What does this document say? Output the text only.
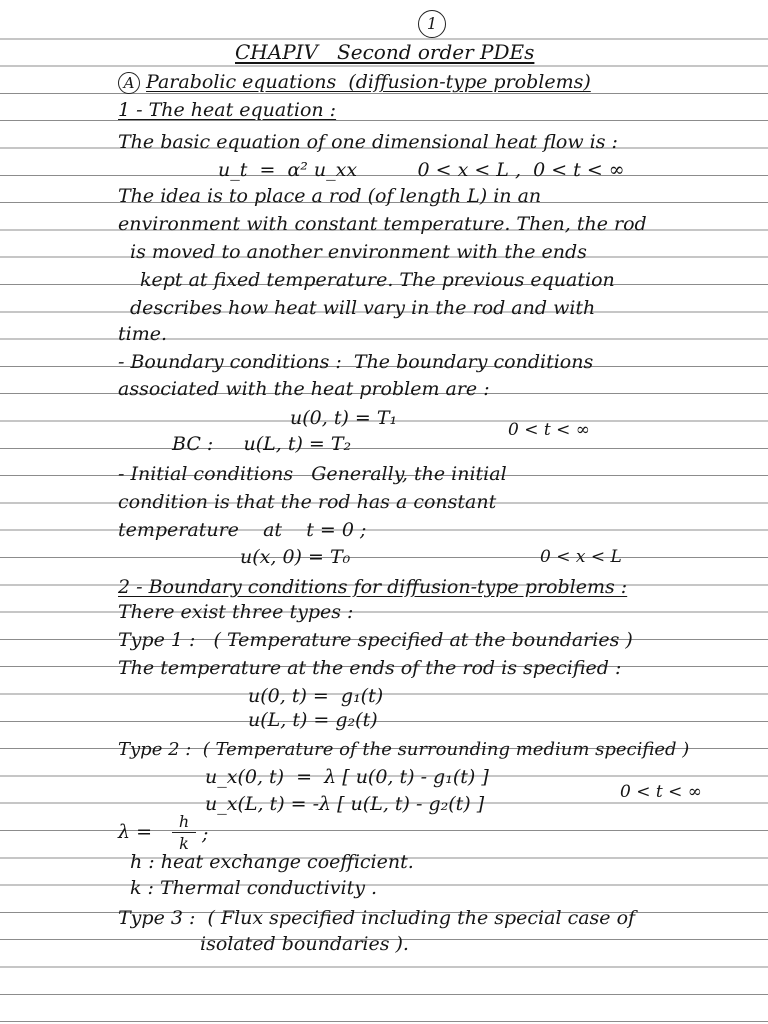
1
CHAPIV   Second order PDEs
A Parabolic equations  (diffusion-type problems)
1 - The heat equation :
The basic equation of one dimensional heat flow is :
u_t  =  α² u_xx          0 < x < L ,  0 < t < ∞
The idea is to place a rod (of length L) in an
environment with constant temperature. Then, the rod
is moved to another environment with the ends
kept at fixed temperature. The previous equation
describes how heat will vary in the rod and with
time.
- Boundary conditions :  The boundary conditions
associated with the heat problem are :
u(0, t) = T₁
BC :     u(L, t) = T₂
0 < t < ∞
- Initial conditions   Generally, the initial
condition is that the rod has a constant
temperature    at    t = 0 ;
u(x, 0) = T₀	0 < x < L
2 - Boundary conditions for diffusion-type problems :
There exist three types :
Type 1 :   ( Temperature specified at the boundaries )
The temperature at the ends of the rod is specified :
u(0, t) =  g₁(t)
u(L, t) = g₂(t)
Type 2 :  ( Temperature of the surrounding medium specified )
u_x(0, t)  =  λ [ u(0, t) - g₁(t) ]
u_x(L, t) = -λ [ u(L, t) - g₂(t) ]
0 < t < ∞
λ = h
k ;
h : heat exchange coefficient.
k : Thermal conductivity .
Type 3 :  ( Flux specified including the special case of
isolated boundaries ).
